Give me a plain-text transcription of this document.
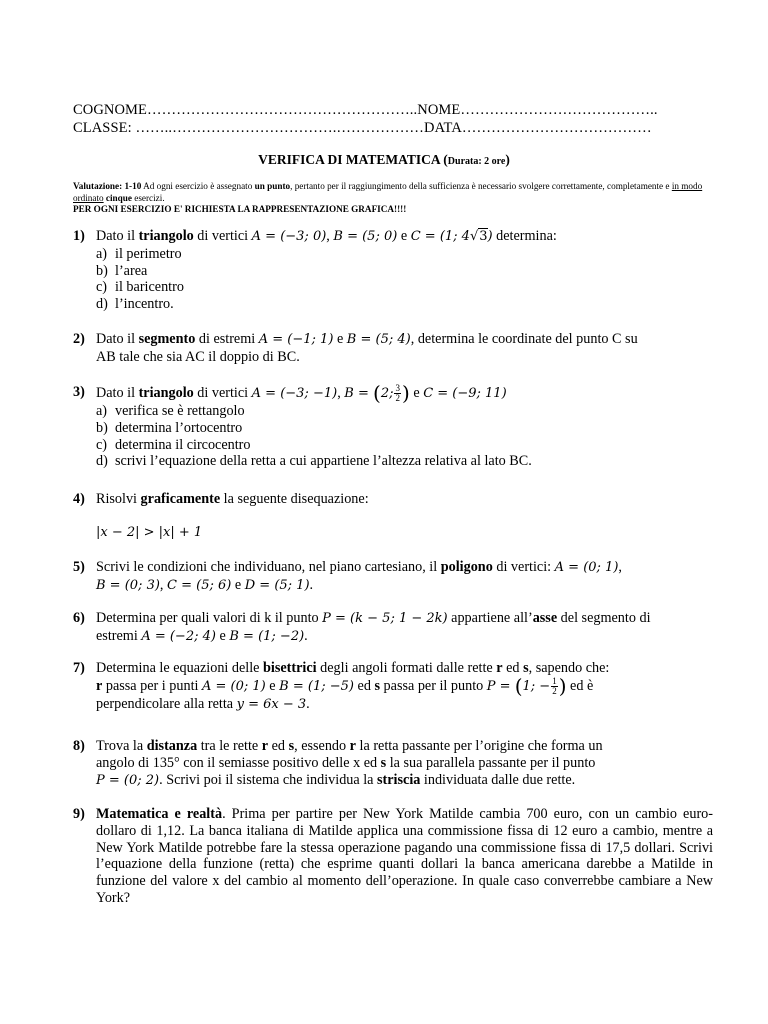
COGNOME………………………………………………..NOME…………………………………..
CLASSE: ……..…………………………….………………DATA…………………………………
VERIFICA DI MATEMATICA (Durata: 2 ore)
Valutazione: 1-10 Ad ogni esercizio è assegnato un punto, pertanto per il raggiungimento della sufficienza è necessario svolgere correttamente, completamente e in modo ordinato cinque esercizi.
PER OGNI ESERCIZIO E' RICHIESTA LA RAPPRESENTAZIONE GRAFICA!!!!
1) Dato il triangolo di vertici A = (−3; 0), B = (5; 0) e C = (1; 4√3) determina:
a) il perimetro
b) l’area
c) il baricentro
d) l’incentro.
2) Dato il segmento di estremi A = (−1; 1) e B = (5; 4), determina le coordinate del punto C su
AB tale che sia AC il doppio di BC.
3) Dato il triangolo di vertici A = (−3; −1), B = (2; $\frac{3}{2}$ ) e C = (−9; 11)
a) verifica se è rettangolo
b) determina l’ortocentro
c) determina il circocentro
d) scrivi l’equazione della retta a cui appartiene l’altezza relativa al lato BC.
4) Risolvi graficamente la seguente disequazione:
|x − 2| > |x| + 1
5) Scrivi le condizioni che individuano, nel piano cartesiano, il poligono di vertici: A = (0; 1),
B = (0; 3), C = (5; 6) e D = (5; 1).
6) Determina per quali valori di k il punto P = (k − 5; 1 − 2k) appartiene all’asse del segmento di
estremi A = (−2; 4) e B = (1; −2).
7) Determina le equazioni delle bisettrici degli angoli formati dalle rette r ed s, sapendo che:
r passa per i punti A = (0; 1) e B = (1; −5) ed s passa per il punto P = (1; − $\frac{1}{2}$ ) ed è
perpendicolare alla retta y = 6x − 3.
8) Trova la distanza tra le rette r ed s, essendo r la retta passante per l’origine che forma un
angolo di 135° con il semiasse positivo delle x ed s la sua parallela passante per il punto
P = (0; 2). Scrivi poi il sistema che individua la striscia individuata dalle due rette.
9) Matematica e realtà. Prima per partire per New York Matilde cambia 700 euro, con un cambio euro-dollaro di 1,12. La banca italiana di Matilde applica una commissione fissa di 12 euro a cambio, mentre a New York Matilde potrebbe fare la stessa operazione pagando una commissione fissa di 17,5 dollari. Scrivi l’equazione della funzione (retta) che esprime quanti dollari la banca americana darebbe a Matilde in funzione del valore x del cambio al momento dell’operazione. In quale caso converrebbe cambiare a New York?
